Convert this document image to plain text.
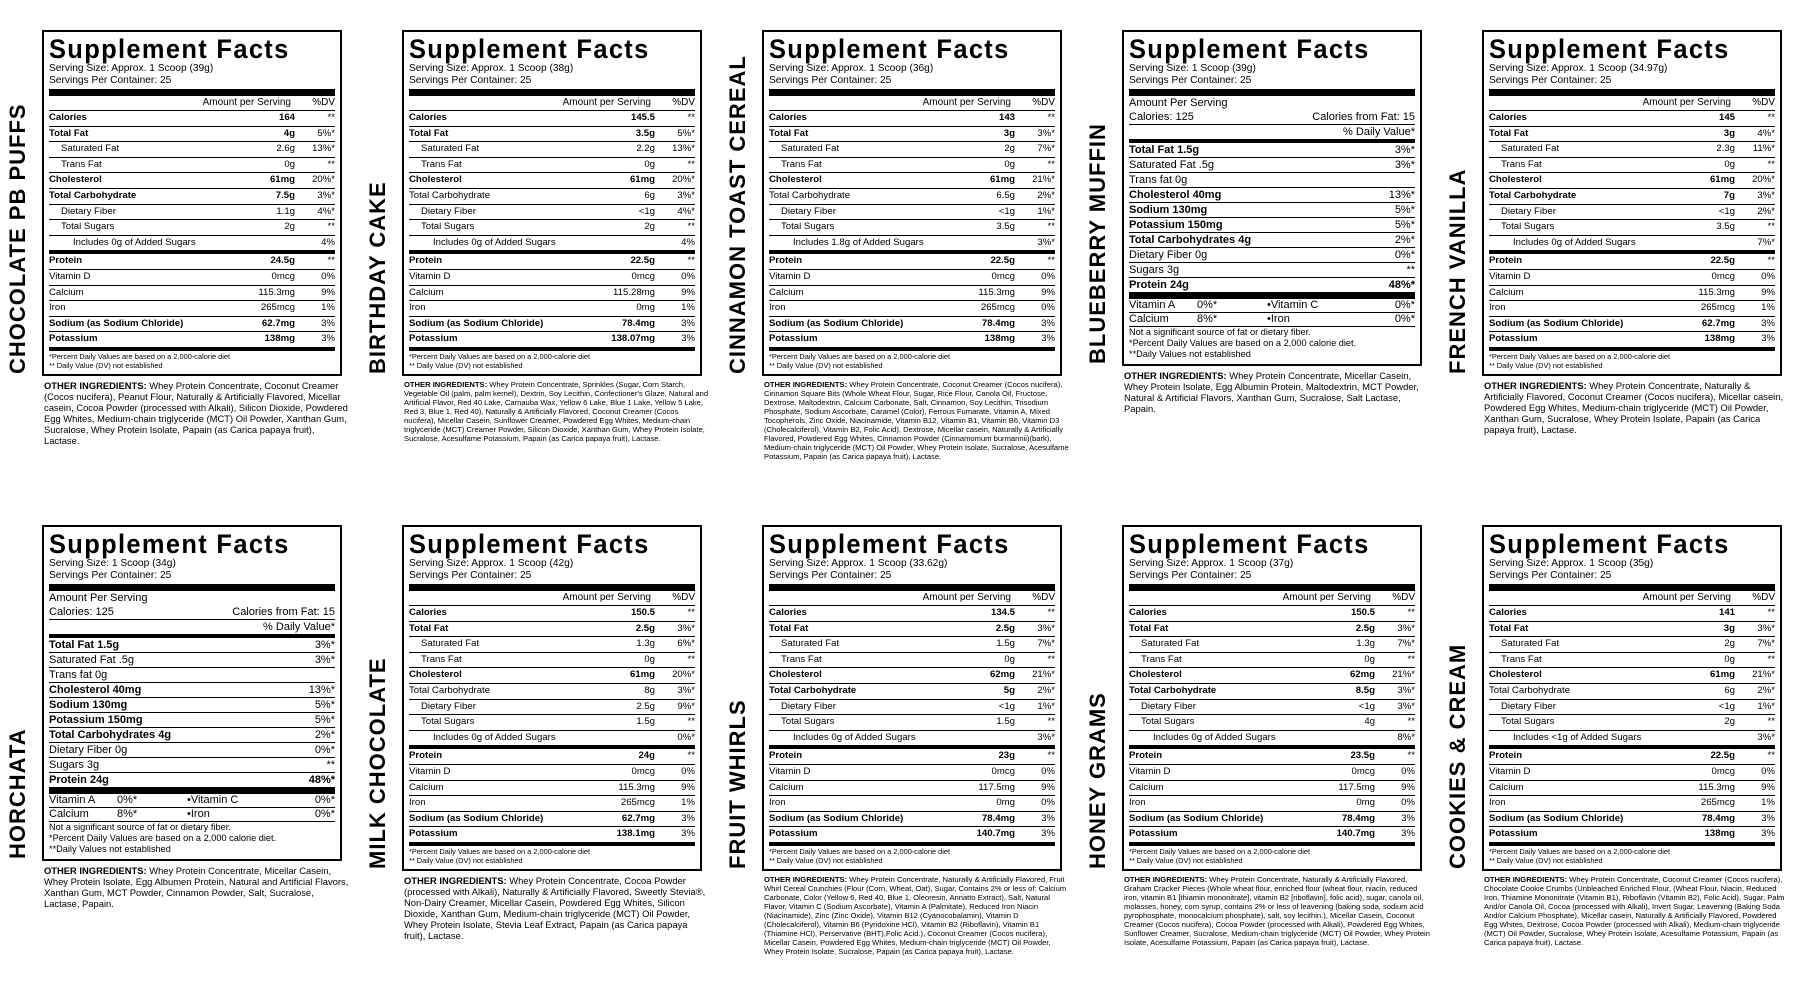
Supplement Facts
Serving Size: Approx. 1 Scoop (39g)
Servings Per Container: 25
Amount per Serving	%DV
Calories	164	**
Total Fat	4g	5%*
Saturated Fat	2.6g	13%*
Trans Fat	0g	**
Cholesterol	61mg	20%*
Total Carbohydrate	7.5g	3%*
Dietary Fiber	1.1g	4%*
Total Sugars	2g	**
Includes 0g of Added Sugars	4%
Protein	24.5g	**
Vitamin D	0mcg	0%
Calcium	115.3mg	9%
Iron	265mcg	1%
Sodium (as Sodium Chloride)	62.7mg	3%
Potassium	138mg	3%
*Percent Daily Values are based on a 2,000-calorie diet
** Daily Value (DV) not established
CHOCOLATE PB PUFFS
OTHER INGREDIENTS: Whey Protein Concentrate, Coconut Creamer (Cocos nucifera), Peanut Flour, Naturally & Artificially Flavored, Micellar casein, Cocoa Powder (processed with Alkali), Silicon Dioxide, Powdered Egg Whites, Medium-chain triglyceride (MCT) Oil Powder, Xanthan Gum, Sucralose, Whey Protein Isolate, Papain (as Carica papaya fruit), Lactase.
Supplement Facts
Serving Size: Approx. 1 Scoop (38g)
Servings Per Container: 25
Amount per Serving	%DV
Calories	145.5	**
Total Fat	3.5g	5%*
Saturated Fat	2.2g	13%*
Trans Fat	0g	**
Cholesterol	61mg	20%*
Total Carbohydrate	6g	3%*
Dietary Fiber	<1g	4%*
Total Sugars	2g	**
Includes 0g of Added Sugars	4%
Protein	22.5g	**
Vitamin D	0mcg	0%
Calcium	115.28mg	9%
Iron	0mg	1%
Sodium (as Sodium Chloride)	78.4mg	3%
Potassium	138.07mg	3%
*Percent Daily Values are based on a 2,000-calorie diet
** Daily Value (DV) not established
BIRTHDAY CAKE
OTHER INGREDIENTS: Whey Protein Concentrate, Sprinkles (Sugar, Corn Starch, Vegetable Oil (palm, palm kernel), Dextrin, Soy Lecithin, Confectioner's Glaze, Natural and Artificial Flavor, Red 40 Lake, Carnauba Wax, Yellow 6 Lake, Blue 1 Lake, Yellow 5 Lake, Red 3, Blue 1, Red 40), Naturally & Artificially Flavored, Coconut Creamer (Cocos nucifera), Micellar Casein, Sunflower Creamer, Powdered Egg Whites, Medium-chain triglyceride (MCT) Creamer Powder, Silicon Dioxide, Xanthan Gum, Whey Protein Isolate, Sucralose, Acesulfame Potassium, Papain (as Carica papaya fruit), Lactase.
Supplement Facts
Serving Size: Approx. 1 Scoop (36g)
Servings Per Container: 25
Amount per Serving	%DV
Calories	143	**
Total Fat	3g	3%*
Saturated Fat	2g	7%*
Trans Fat	0g	**
Cholesterol	61mg	21%*
Total Carbohydrate	6.5g	2%*
Dietary Fiber	<1g	1%*
Total Sugars	3.5g	**
Includes 1.8g of Added Sugars	3%*
Protein	22.5g	**
Vitamin D	0mcg	0%
Calcium	115.3mg	9%
Iron	265mcg	0%
Sodium (as Sodium Chloride)	78.4mg	3%
Potassium	138mg	3%
*Percent Daily Values are based on a 2,000-calorie diet
** Daily Value (DV) not established
CINNAMON TOAST CEREAL
OTHER INGREDIENTS: Whey Protein Concentrate, Coconut Creamer (Cocos nucifera), Cinnamon Square Bits (Whole Wheat Flour, Sugar, Rice Flour, Canola Oil, Fructose, Dextrose, Maltodextrin, Calcium Carbonate, Salt, Cinnamon, Soy Lecithin, Trisodium Phosphate, Sodium Ascorbate, Caramel (Color), Ferrous Fumarate, Vitamin A, Mixed Tocopherols, Zinc Oxide, Niacinamide, Vitamin B12, Vitamin B1, Vitamin B6, Vitamin D3 (Cholecalciferol), Vitamin B2, Folic Acid), Dextrose, Micellar casein, Naturally & Artificially Flavored, Powdered Egg Whites, Cinnamon Powder (Cinnamomum burmannii)(bark), Medium-chain triglyceride (MCT) Oil Powder, Whey Protein Isolate, Sucralose, Acesulfame Potassium, Papain (as Carica papaya fruit), Lactase.
Supplement Facts
Serving Size: 1 Scoop (39g)
Servings Per Container: 25
Amount Per Serving
Calories: 125	Calories from Fat: 15
% Daily Value*
Total Fat 1.5g	3%*
Saturated Fat .5g	3%*
Trans fat 0g
Cholesterol 40mg	13%*
Sodium 130mg	5%*
Potassium 150mg	5%*
Total Carbohydrates 4g	2%*
Dietary Fiber 0g	0%*
Sugars 3g	**
Protein 24g	48%*
Vitamin A	0%*	•Vitamin C	0%*
Calcium	8%*	•Iron	0%*
Not a significant source of fat or dietary fiber.
*Percent Daily Values are based on a 2,000 calorie diet.
**Daily Values not established
BLUEBERRY MUFFIN
OTHER INGREDIENTS: Whey Protein Concentrate, Micellar Casein, Whey Protein Isolate, Egg Albumin Protein, Maltodextrin, MCT Powder, Natural & Artificial Flavors, Xanthan Gum, Sucralose, Salt Lactase, Papain.
Supplement Facts
Serving Size: Approx. 1 Scoop (34.97g)
Servings Per Container: 25
Amount per Serving	%DV
Calories	145	**
Total Fat	3g	4%*
Saturated Fat	2.3g	11%*
Trans Fat	0g	**
Cholesterol	61mg	20%*
Total Carbohydrate	7g	3%*
Dietary Fiber	<1g	2%*
Total Sugars	3.5g	**
Includes 0g of Added Sugars	7%*
Protein	22.5g	**
Vitamin D	0mcg	0%
Calcium	115.3mg	9%
Iron	265mcg	1%
Sodium (as Sodium Chloride)	62.7mg	3%
Potassium	138mg	3%
*Percent Daily Values are based on a 2,000-calorie diet
** Daily Value (DV) not established
FRENCH VANILLA
OTHER INGREDIENTS: Whey Protein Concentrate, Naturally & Artificially Flavored, Coconut Creamer (Cocos nucifera), Micellar casein, Powdered Egg Whites, Medium-chain triglyceride (MCT) Oil Powder, Xanthan Gum, Sucralose, Whey Protein Isolate, Papain (as Carica papaya fruit), Lactase.
Supplement Facts
Serving Size: 1 Scoop (34g)
Servings Per Container: 25
Amount Per Serving
Calories: 125	Calories from Fat: 15
% Daily Value*
Total Fat 1.5g	3%*
Saturated Fat .5g	3%*
Trans fat 0g
Cholesterol 40mg	13%*
Sodium 130mg	5%*
Potassium 150mg	5%*
Total Carbohydrates 4g	2%*
Dietary Fiber 0g	0%*
Sugars 3g	**
Protein 24g	48%*
Vitamin A	0%*	•Vitamin C	0%*
Calcium	8%*	•Iron	0%*
Not a significant source of fat or dietary fiber.
*Percent Daily Values are based on a 2,000 calorie diet.
**Daily Values not established
HORCHATA
OTHER INGREDIENTS: Whey Protein Concentrate, Micellar Casein, Whey Protein Isolate, Egg Albumen Protein, Natural and Artificial Flavors, Xanthan Gum, MCT Powder, Cinnamon Powder, Salt, Sucralose, Lactase, Papain.
Supplement Facts
Serving Size: Approx. 1 Scoop (42g)
Servings Per Container: 25
Amount per Serving	%DV
Calories	150.5	**
Total Fat	2.5g	3%*
Saturated Fat	1.3g	6%*
Trans Fat	0g	**
Cholesterol	61mg	20%*
Total Carbohydrate	8g	3%*
Dietary Fiber	2.5g	9%*
Total Sugars	1.5g	**
Includes 0g of Added Sugars	0%*
Protein	24g	**
Vitamin D	0mcg	0%
Calcium	115.3mg	9%
Iron	265mcg	1%
Sodium (as Sodium Chloride)	62.7mg	3%
Potassium	138.1mg	3%
*Percent Daily Values are based on a 2,000-calorie diet
** Daily Value (DV) not established
MILK CHOCOLATE
OTHER INGREDIENTS: Whey Protein Concentrate, Cocoa Powder (processed with Alkali), Naturally & Artificially Flavored, Sweetly Stevia®, Non-Dairy Creamer, Micellar Casein, Powdered Egg Whites, Silicon Dioxide, Xanthan Gum, Medium-chain triglyceride (MCT) Oil Powder, Whey Protein Isolate, Stevia Leaf Extract, Papain (as Carica papaya fruit), Lactase.
Supplement Facts
Serving Size: Approx. 1 Scoop (33.62g)
Servings Per Container: 25
Amount per Serving	%DV
Calories	134.5	**
Total Fat	2.5g	3%*
Saturated Fat	1.5g	7%*
Trans Fat	0g	**
Cholesterol	62mg	21%*
Total Carbohydrate	5g	2%*
Dietary Fiber	<1g	1%*
Total Sugars	1.5g	**
Includes 0g of Added Sugars	3%*
Protein	23g	**
Vitamin D	0mcg	0%
Calcium	117.5mg	9%
Iron	0mg	0%
Sodium (as Sodium Chloride)	78.4mg	3%
Potassium	140.7mg	3%
*Percent Daily Values are based on a 2,000-calorie diet
** Daily Value (DV) not established
FRUIT WHIRLS
OTHER INGREDIENTS: Whey Protein Concentrate, Naturally & Artificially Flavored, Fruit Whirl Cereal Crunchies (Flour (Corn, Wheat, Oat), Sugar, Contains 2% or less of: Calcium Carbonate, Color (Yellow 6, Red 40, Blue 1, Oleoresin, Annatto Extract), Salt, Natural Flavor, Vitamin C (Sodium Ascorbate), Vitamin A (Palmitate), Reduced Iron Niacin (Niacinamide), Zinc (Zinc Oxide), Vitamin B12 (Cyanocobalamin), Vitamin D (Cholecalciferol), Vitamin B6 (Pyridoxine HCl), Vitamin B2 (Riboflavin), Vitamin B1 (Thiamine HCl), Perservative (BHT),Folic Acid.), Coconut Creamer (Cocos nucifera), Micellar Casein, Powdered Egg Whites, Medium-chain triglyceride (MCT) Oil Powder, Whey Protein Isolate, Sucralose, Papain (as Carica papaya fruit), Lactase.
Supplement Facts
Serving Size: Approx. 1 Scoop (37g)
Servings Per Container: 25
Amount per Serving	%DV
Calories	150.5	**
Total Fat	2.5g	3%*
Saturated Fat	1.3g	7%*
Trans Fat	0g	**
Cholesterol	62mg	21%*
Total Carbohydrate	8.5g	3%*
Dietary Fiber	<1g	3%*
Total Sugars	4g	**
Includes 0g of Added Sugars	8%*
Protein	23.5g	**
Vitamin D	0mcg	0%
Calcium	117.5mg	9%
Iron	0mg	0%
Sodium (as Sodium Chloride)	78.4mg	3%
Potassium	140.7mg	3%
*Percent Daily Values are based on a 2,000-calorie diet
** Daily Value (DV) not established
HONEY GRAMS
OTHER INGREDIENTS: Whey Protein Concentrate, Naturally & Artificially Flavored, Graham Cracker Pieces (Whole wheat flour, enriched flour (wheat flour, niacin, reduced iron, vitamin B1 [thiamin mononitrate], vitamin B2 [riboflavin], folic acid), sugar, canola oil, molasses, honey, corn syrup, contains 2% or less of leavening (baking soda, sodium acid pyrophosphate, monocalcium phosphate), salt, soy lecithin.), Micellar Casein, Coconut Creamer (Cocos nucifera), Cocoa Powder (processed with Alkali), Powdered Egg Whites, Sunflower Creamer, Sucralose, Medium-chain triglyceride (MCT) Oil Powder, Whey Protein Isolate, Acesulfame Potassium, Papain (as Carica papaya fruit), Lactase.
Supplement Facts
Serving Size: Approx. 1 Scoop (35g)
Servings Per Container: 25
Amount per Serving	%DV
Calories	141	**
Total Fat	3g	3%*
Saturated Fat	2g	7%*
Trans Fat	0g	**
Cholesterol	61mg	21%*
Total Carbohydrate	6g	2%*
Dietary Fiber	<1g	1%*
Total Sugars	2g	**
Includes <1g of Added Sugars	3%*
Protein	22.5g	**
Vitamin D	0mcg	0%
Calcium	115.3mg	9%
Iron	265mcg	1%
Sodium (as Sodium Chloride)	78.4mg	3%
Potassium	138mg	3%
*Percent Daily Values are based on a 2,000-calorie diet
** Daily Value (DV) not established
COOKIES & CREAM
OTHER INGREDIENTS: Whey Protein Concentrate, Coconut Creamer (Cocos nucifera), Chocolate Cookie Crumbs (Unbleached Enriched Flour, (Wheat Flour, Niacin, Reduced Iron, Thiamine Mononitrate (Vitamin B1), Riboflavin (Vitamin B2), Folic Acid), Sugar, Palm And/or Canola Oil, Cocoa (processed with Alkali), Invert Sugar, Leavening (Baking Soda And/or Calcium Phosphate), Micellar casein, Naturally & Artificially Flavored, Powdered Egg Whites, Dextrose, Cocoa Powder (processed with Alkali), Medium-chain triglyceride (MCT) Oil Powder, Sucralose, Whey Protein Isolate, Acesulfame Potassium, Papain (as Carica papaya fruit), Lactase.
